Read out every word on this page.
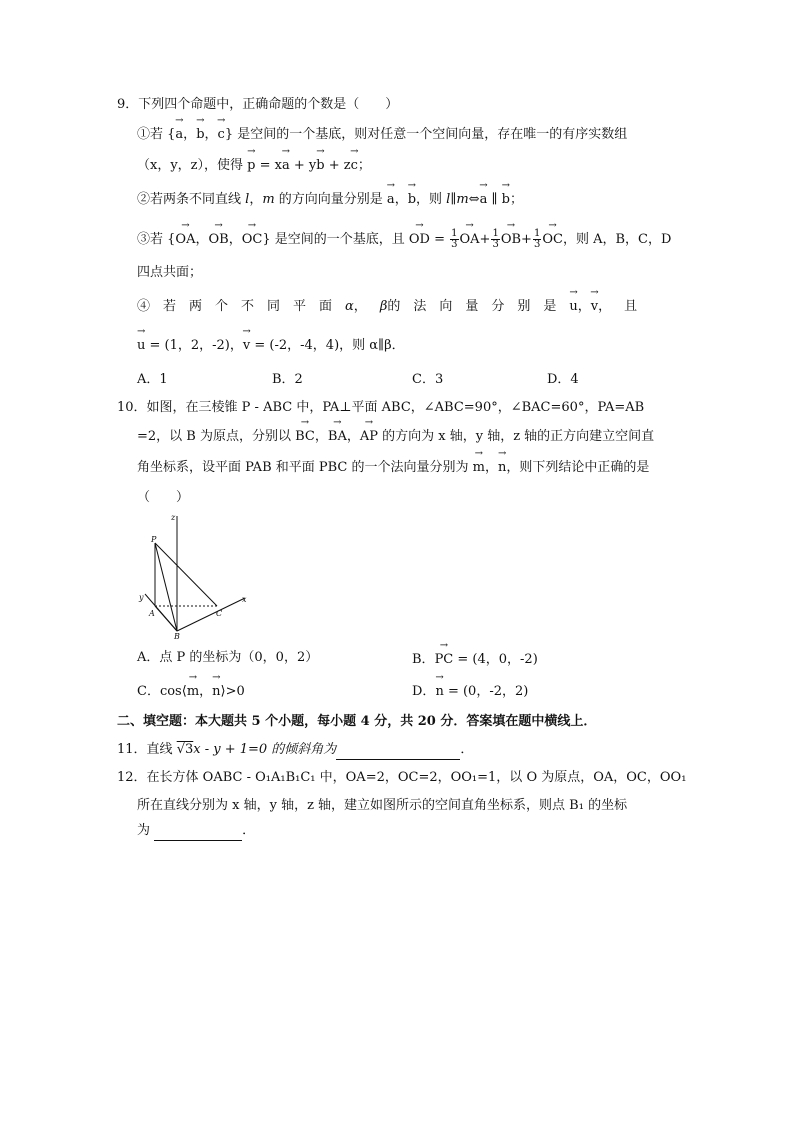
9．下列四个命题中，正确命题的个数是（　　）
①若 {→ a，→ b，→ c} 是空间的一个基底，则对任意一个空间向量，存在唯一的有序实数组
（x，y，z），使得 → p = x→ a + y→ b + z→ c；
②若两条不同直线 l，m 的方向向量分别是 → a，→ b，则 l∥m⇔→ a ∥ → b；
③若 {→ OA，→ OB，→ OC} 是空间的一个基底，且 → OD = $\frac{1}{3} \to OA+ \frac{1}{3} \to OB+ \frac{1}{3}$ → OC，则 A，B，C，D
四点共面；
④若两个不同平面α，β的法向量分别是→ u，→ v，且
→ u = (1，2，-2)，→ v = (-2，-4，4)，则 α∥β．
A．1	B．2	C．3	D．4
10．如图，在三棱锥 P - ABC 中，PA⊥平面 ABC，∠ABC=90°，∠BAC=60°，PA=AB
=2，以 B 为原点，分别以 → BC，→ BA，→ AP 的方向为 x 轴，y 轴，z 轴的正方向建立空间直
角坐标系，设平面 PAB 和平面 PBC 的一个法向量分别为 → m，→ n，则下列结论中正确的是
（　　）
z
P
y
A	C
x
B
A．点 P 的坐标为（0，0，2）	B．→ PC = (4，0，-2)
C．cos⟨→ m，→ n⟩>0	D．→ n = (0，-2，2)
二、填空题：本大题共 5 个小题，每小题 4 分，共 20 分．答案填在题中横线上．
11．直线 √3x - y + 1=0 的倾斜角为	．
12．在长方体 OABC - O₁A₁B₁C₁ 中，OA=2，OC=2，OO₁=1，以 O 为原点，OA，OC，OO₁
所在直线分别为 x 轴，y 轴，z 轴，建立如图所示的空间直角坐标系，则点 B₁ 的坐标
为	．
